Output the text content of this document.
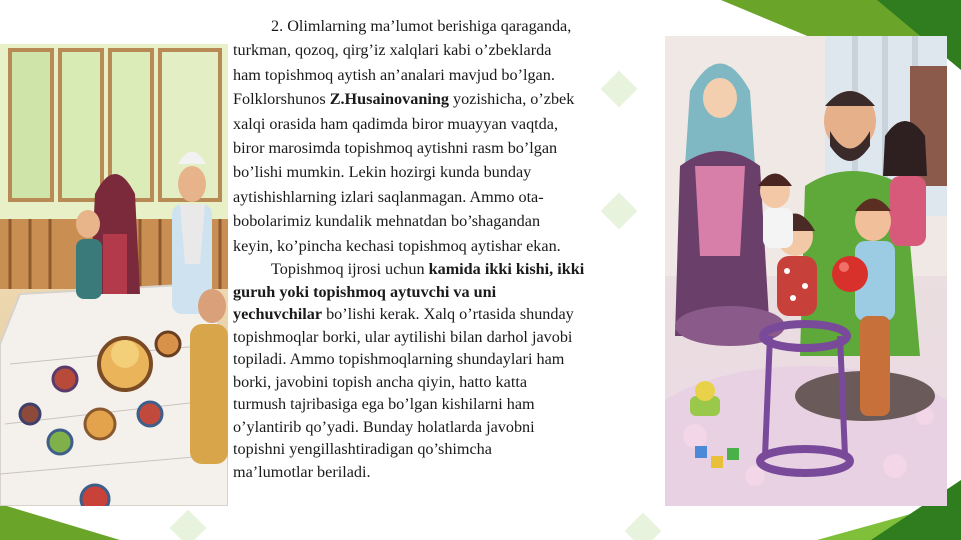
2. Olimlarning ma’lumot berishiga qaraganda,

turkman, qozoq, qirg’iz xalqlari kabi o’zbeklarda

ham topishmoq aytish an’analari mavjud bo’lgan.

Folklorshunos Z.Husainovaning yozishicha, o’zbek

xalqi orasida ham qadimda biror muayyan vaqtda,

biror marosimda topishmoq aytishni rasm bo’lgan

bo’lishi mumkin. Lekin hozirgi kunda bunday

aytishishlarning izlari saqlanmagan. Ammo ota-

bobolarimiz kundalik mehnatdan bo’shagandan

keyin, ko’pincha kechasi topishmoq aytishar ekan.

Topishmoq ijrosi uchun kamida ikki kishi, ikki

guruh yoki topishmoq aytuvchi va uni

yechuvchilar bo’lishi kerak. Xalq o’rtasida shunday

topishmoqlar borki, ular aytilishi bilan darhol javobi

topiladi. Ammo topishmoqlarning shundaylari ham

borki, javobini topish ancha qiyin, hatto katta

turmush tajribasiga ega bo’lgan kishilarni ham

o’ylantirib qo’yadi. Bunday holatlarda javobni

topishni yengillashtiradigan qo’shimcha

ma’lumotlar beriladi.
